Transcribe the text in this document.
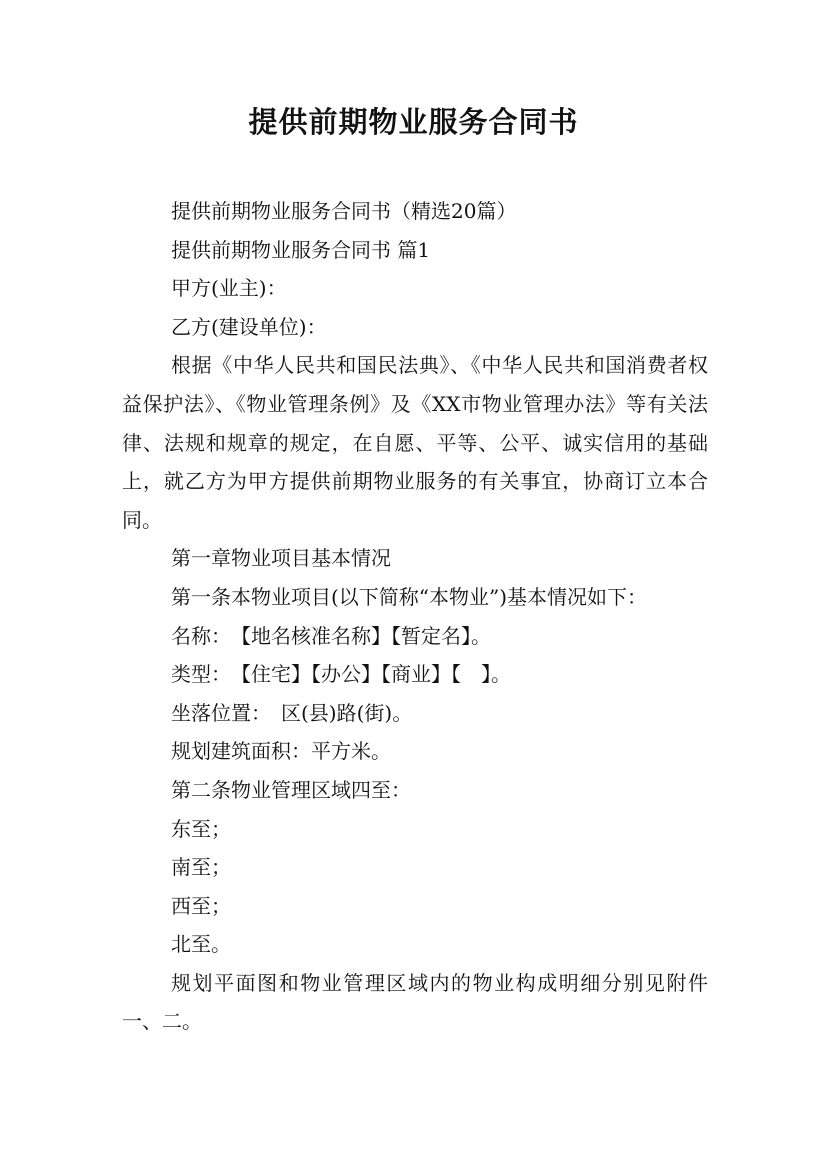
提供前期物业服务合同书

提供前期物业服务合同书（精选20篇）

提供前期物业服务合同书 篇1

甲方(业主)：

乙方(建设单位)：

根据《中华人民共和国民法典》、《中华人民共和国消费者权益保护法》、《物业管理条例》及《XX市物业管理办法》等有关法律、法规和规章的规定，在自愿、平等、公平、诚实信用的基础上，就乙方为甲方提供前期物业服务的有关事宜，协商订立本合同。

第一章物业项目基本情况

第一条本物业项目(以下简称“本物业”)基本情况如下：

名称：　【地名核准名称】【暂定名】。

类型：　【住宅】【办公】【商业】【　】。

坐落位置：　区(县)路(街)。

规划建筑面积：平方米。

第二条物业管理区域四至：

东至；

南至；

西至；

北至。

规划平面图和物业管理区域内的物业构成明细分别见附件一、二。
